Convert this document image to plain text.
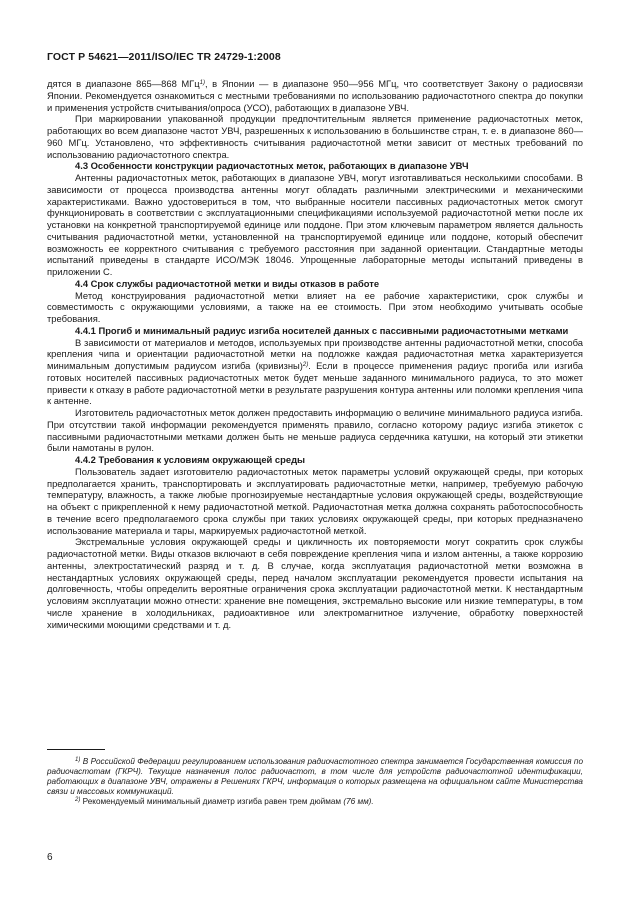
ГОСТ Р 54621—2011/ISO/IEC TR 24729-1:2008

дятся в диапазоне 865—868 МГц$^{1)}$, в Японии — в диапазоне 950—956 МГц, что соответствует Закону о радиосвязи Японии. Рекомендуется ознакомиться с местными требованиями по использованию радиочастотного спектра до покупки и применения устройств считывания/опроса (УСО), работающих в диапазоне УВЧ.

При маркировании упакованной продукции предпочтительным является применение радиочастотных меток, работающих во всем диапазоне частот УВЧ, разрешенных к использованию в большинстве стран, т. е. в диапазоне 860—960 МГц. Установлено, что эффективность считывания радиочастотной метки зависит от местных требований по использованию радиочастотного спектра.

4.3 Особенности конструкции радиочастотных меток, работающих в диапазоне УВЧ

Антенны радиочастотных меток, работающих в диапазоне УВЧ, могут изготавливаться несколькими способами. В зависимости от процесса производства антенны могут обладать различными электрическими и механическими характеристиками. Важно удостовериться в том, что выбранные носители пассивных радиочастотных меток смогут функционировать в соответствии с эксплуатационными спецификациями используемой радиочастотной метки после их установки на конкретной транспортируемой единице или поддоне. При этом ключевым параметром является дальность считывания радиочастотной метки, установленной на транспортируемой единице или поддоне, который обеспечит возможность ее корректного считывания с требуемого расстояния при заданной ориентации. Стандартные методы испытаний приведены в стандарте ИСО/МЭК 18046. Упрощенные лабораторные методы испытаний приведены в приложении С.

4.4 Срок службы радиочастотной метки и виды отказов в работе

Метод конструирования радиочастотной метки влияет на ее рабочие характеристики, срок службы и совместимость с окружающими условиями, а также на ее стоимость. При этом необходимо учитывать особые требования.

4.4.1 Прогиб и минимальный радиус изгиба носителей данных с пассивными радиочастотными метками

В зависимости от материалов и методов, используемых при производстве антенны радиочастотной метки, способа крепления чипа и ориентации радиочастотной метки на подложке каждая радиочастотная метка характеризуется минимальным допустимым радиусом изгиба (кривизны)$^{2)}$. Если в процессе применения радиус прогиба или изгиба готовых носителей пассивных радиочастотных меток будет меньше заданного минимального радиуса, то это может привести к отказу в работе радиочастотной метки в результате разрушения контура антенны или поломки крепления чипа к антенне.

Изготовитель радиочастотных меток должен предоставить информацию о величине минимального радиуса изгиба. При отсутствии такой информации рекомендуется применять правило, согласно которому радиус изгиба этикеток с пассивными радиочастотными метками должен быть не меньше радиуса сердечника катушки, на который эти этикетки были намотаны в рулон.

4.4.2 Требования к условиям окружающей среды

Пользователь задает изготовителю радиочастотных меток параметры условий окружающей среды, при которых предполагается хранить, транспортировать и эксплуатировать радиочастотные метки, например, требуемую рабочую температуру, влажность, а также любые прогнозируемые нестандартные условия окружающей среды, воздействующие на объект с прикрепленной к нему радиочастотной меткой. Радиочастотная метка должна сохранять работоспособность в течение всего предполагаемого срока службы при таких условиях окружающей среды, при которых предназначено использование материала и тары, маркируемых радиочастотной меткой.

Экстремальные условия окружающей среды и цикличность их повторяемости могут сократить срок службы радиочастотной метки. Виды отказов включают в себя повреждение крепления чипа и излом антенны, а также коррозию антенны, электростатический разряд и т. д. В случае, когда эксплуатация радиочастотной метки возможна в нестандартных условиях окружающей среды, перед началом эксплуатации рекомендуется провести испытания на долговечность, чтобы определить вероятные ограничения срока эксплуатации радиочастотной метки. К нестандартным условиям эксплуатации можно отнести: хранение вне помещения, экстремально высокие или низкие температуры, в том числе хранение в холодильниках, радиоактивное или электромагнитное излучение, обработку поверхностей химическими моющими средствами и т. д.

$^{1)}$ В Российской Федерации регулированием использования радиочастотного спектра занимается Государственная комиссия по радиочастотам (ГКРЧ). Текущие назначения полос радиочастот, в том числе для устройств радиочастотной идентификации, работающих в диапазоне УВЧ, отражены в Решениях ГКРЧ, информация о которых размещена на официальном сайте Министерства связи и массовых коммуникаций.

$^{2)}$ Рекомендуемый минимальный диаметр изгиба равен трем дюймам (76 мм).

6
